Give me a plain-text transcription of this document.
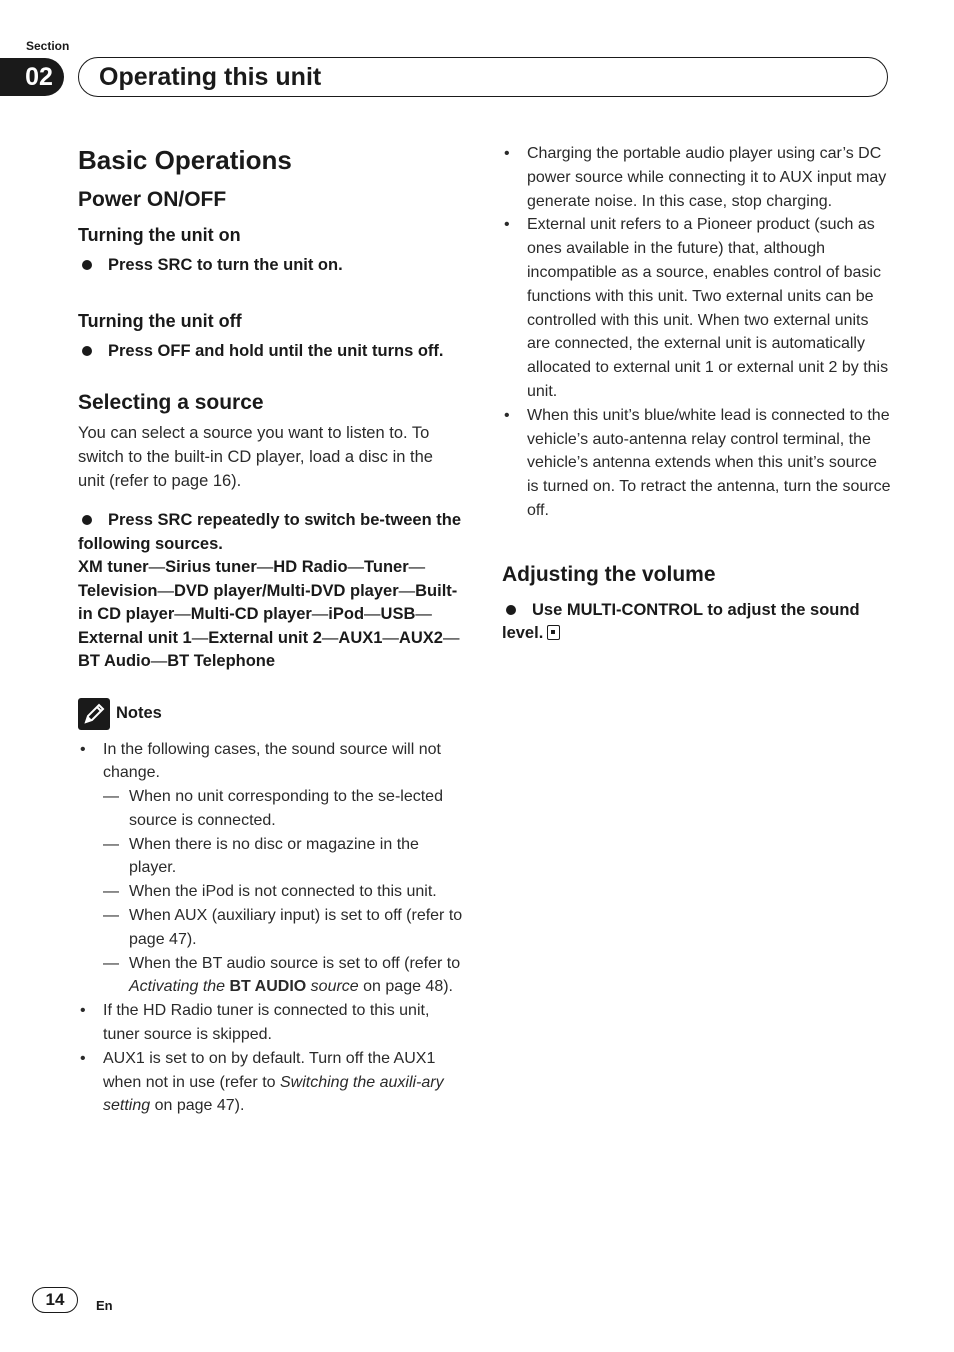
Section
02	Operating this unit
Basic Operations
Power ON/OFF
Turning the unit on
Press SRC to turn the unit on.
Turning the unit off
Press OFF and hold until the unit turns off.
Selecting a source
You can select a source you want to listen to. To switch to the built-in CD player, load a disc in the unit (refer to page 16).
Press SRC repeatedly to switch be-tween the following sources.
XM tuner—Sirius tuner—HD Radio—Tuner—Television—DVD player/Multi-DVD player—Built-in CD player—Multi-CD player—iPod—USB—External unit 1—External unit 2—AUX1—AUX2—BT Audio—BT Telephone
Notes
• In the following cases, the sound source will not change.
— When no unit corresponding to the se-lected source is connected.
— When there is no disc or magazine in the player.
— When the iPod is not connected to this unit.
— When AUX (auxiliary input) is set to off (refer to page 47).
— When the BT audio source is set to off (refer to Activating the BT AUDIO source on page 48).
• If the HD Radio tuner is connected to this unit, tuner source is skipped.
• AUX1 is set to on by default. Turn off the AUX1 when not in use (refer to Switching the auxili-ary setting on page 47).
• Charging the portable audio player using car’s DC power source while connecting it to AUX input may generate noise. In this case, stop charging.
• External unit refers to a Pioneer product (such as ones available in the future) that, although incompatible as a source, enables control of basic functions with this unit. Two external units can be controlled with this unit. When two external units are connected, the external unit is automatically allocated to external unit 1 or external unit 2 by this unit.
• When this unit’s blue/white lead is connected to the vehicle’s auto-antenna relay control terminal, the vehicle’s antenna extends when this unit’s source is turned on. To retract the antenna, turn the source off.
Adjusting the volume
Use MULTI-CONTROL to adjust the sound level.
14	En
